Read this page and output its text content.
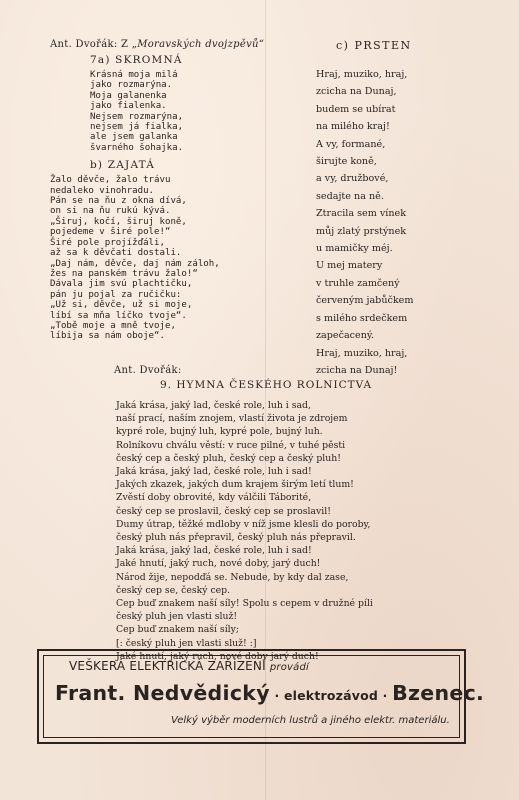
Ant. Dvořák: Z „Moravských dvojzpěvů“
7a) SKROMNÁ
Krásná moja milá
jako rozmarýna.
Moja galanenka
jako fialenka.
Nejsem rozmarýna,
nejsem já fialka,
ale jsem galanka
švarného šohajka.
b) ZAJATÁ
Žalo děvče, žalo trávu
nedaleko vinohradu.
Pán se na ňu z okna dívá,
on si na ňu rukú kývá.
„Širuj, kočí, širuj koně,
pojedeme v širé pole!“
Širé pole projížďáli,
až sa k děvčati dostali.
„Daj nám, děvče, daj nám záloh,
žes na panském trávu žalo!“
Dávala jim svú plachtičku,
pán ju pojal za ručičku:
„Už si, děvče, už si moje,
líbí sa mňa líčko tvoje“.
„Tobě moje a mně tvoje,
líbija sa nám oboje“.
c) PRSTEN
Hraj, muziko, hraj,
zcicha na Dunaj,
budem se ubírat
na milého kraj!
A vy, formané,
širujte koně,
a vy, družbové,
sedajte na ně.
Ztracila sem vínek
můj zlatý prstýnek
u mamičky méj.
U mej matery
v truhle zamčený
červeným jabůčkem
s milého srdečkem
zapečacený.
Hraj, muziko, hraj,
zcicha na Dunaj!
Ant. Dvořák:
9. HYMNA ČESKÉHO ROLNICTVA
Jaká krása, jaký lad, české role, luh i sad,
naší prací, naším znojem, vlastí života je zdrojem
kypré role, bujný luh, kypré pole, bujný luh.
Rolníkovu chválu věstí: v ruce pilné, v tuhé pěsti
český cep a český pluh, český cep a český pluh!
Jaká krása, jaký lad, české role, luh i sad!
Jakých zkazek, jakých dum krajem širým letí tlum!
Zvěstí doby obrovité, kdy válčili Táborité,
český cep se proslavil, český cep se proslavil!
Dumy útrap, těžké mdloby v níž jsme klesli do poroby,
český pluh nás přepravil, český pluh nás přepravil.
Jaká krása, jaký lad, české role, luh i sad!
Jaké hnutí, jaký ruch, nové doby, jarý duch!
Národ žije, nepodďá se. Nebude, by kdy dal zase,
český cep se, český cep.
Cep buď znakem naší síly! Spolu s cepem v družné píli
český pluh jen vlasti služ!
Cep buď znakem naší síly;
[: český pluh jen vlasti služ! :]
Jaké hnutí, jaký ruch, nové doby jarý duch!
VEŠKERÁ ELEKTRICKÁ ZAŘÍZENÍ provádí
Frant. Nedvědický · elektrozávod · Bzenec.
Velký výběr moderních lustrů a jiného elektr. materiálu.
